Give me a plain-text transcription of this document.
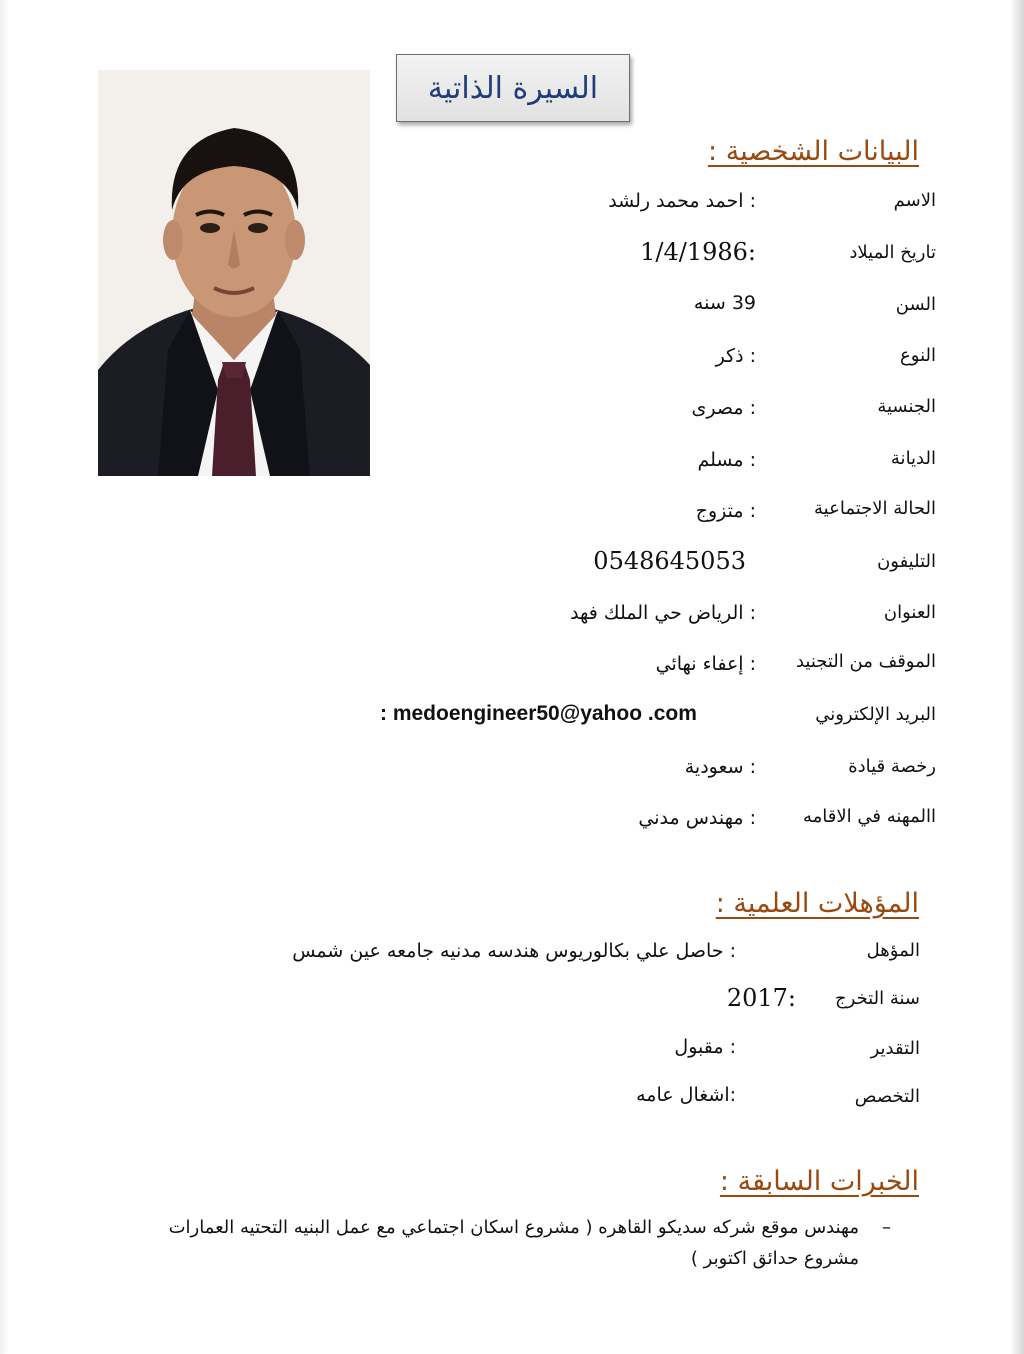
السيرة الذاتية
البيانات الشخصية :
الاسم
: احمد محمد رلشد
تاريخ الميلاد
1/4/1986:
السن
39 سنه
النوع
: ذكر
الجنسية
: مصرى
الديانة
: مسلم
الحالة الاجتماعية
: متزوج
التليفون
0548645053
العنوان
: الرياض حي الملك فهد
الموقف من التجنيد
: إعفاء نهائي
البريد الإلكتروني
: medoengineer50@yahoo .com
رخصة قيادة
: سعودية
االمهنه في الاقامه
: مهندس مدني
المؤهلات العلمية :
المؤهل
: حاصل علي بكالوريوس هندسه مدنيه جامعه عين شمس
سنة التخرج
2017:
التقدير
: مقبول
التخصص
:اشغال عامه
الخبرات السابقة :
–
مهندس موقع شركه سديكو القاهره ( مشروع اسكان اجتماعي مع عمل البنيه التحتيه العمارات مشروع حدائق اكتوبر )
